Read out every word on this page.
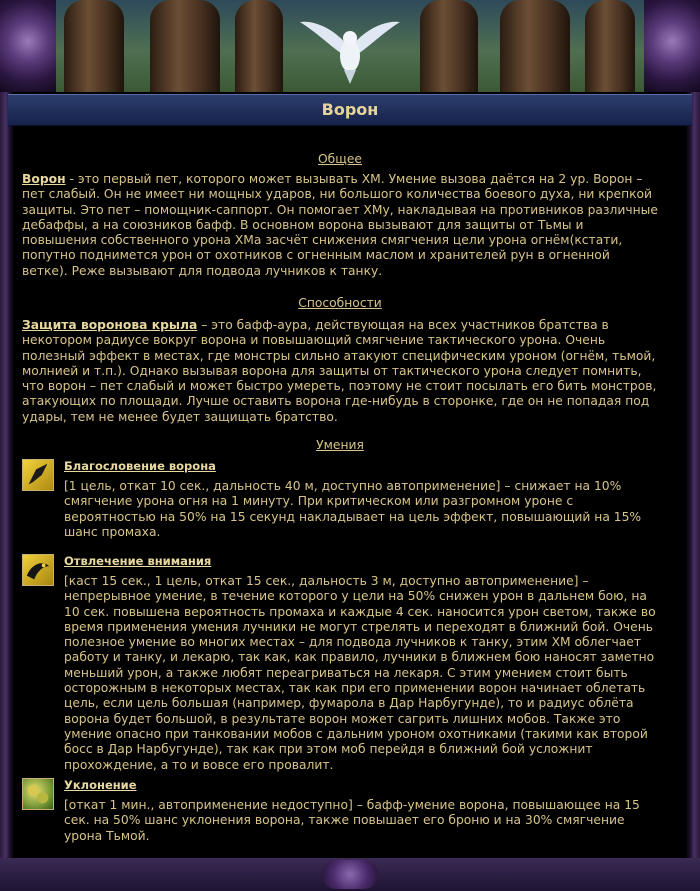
Ворон
Общее

Ворон - это первый пет, которого может вызывать ХМ. Умение вызова даётся на 2 ур. Ворон – пет слабый. Он не имеет ни мощных ударов, ни большого количества боевого духа, ни крепкой защиты. Это пет – помощник-саппорт. Он помогает ХМу, накладывая на противников различные дебаффы, а на союзников бафф. В основном ворона вызывают для защиты от Тьмы и повышения собственного урона ХМа засчёт снижения смягчения цели урона огнём(кстати, попутно поднимется урон от охотников с огненным маслом и хранителей рун в огненной ветке). Реже вызывают для подвода лучников к танку.

Способности

Защита воронова крыла – это бафф-аура, действующая на всех участников братства в некотором радиусе вокруг ворона и повышающий смягчение тактического урона. Очень полезный эффект в местах, где монстры сильно атакуют специфическим уроном (огнём, тьмой, молнией и т.п.). Однако вызывая ворона для защиты от тактического урона следует помнить, что ворон – пет слабый и может быстро умереть, поэтому не стоит посылать его бить монстров, атакующих по площади. Лучше оставить ворона где-нибудь в сторонке, где он не попадая под удары, тем не менее будет защищать братство.

Умения
Благословение ворона
[1 цель, откат 10 сек., дальность 40 м, доступно автоприменение] – снижает на 10% смягчение урона огня на 1 минуту. При критическом или разгромном уроне с вероятностью на 50% на 15 секунд накладывает на цель эффект, повышающий на 15% шанс промаха.
Отвлечение внимания
[каст 15 сек., 1 цель, откат 15 сек., дальность 3 м, доступно автоприменение] – непрерывное умение, в течение которого у цели на 50% снижен урон в дальнем бою, на 10 сек. повышена вероятность промаха и каждые 4 сек. наносится урон светом, также во время применения умения лучники не могут стрелять и переходят в ближний бой. Очень полезное умение во многих местах – для подвода лучников к танку, этим ХМ облегчает работу и танку, и лекарю, так как, как правило, лучники в ближнем бою наносят заметно меньший урон, а также любят переагриваться на лекаря. С этим умением стоит быть осторожным в некоторых местах, так как при его применении ворон начинает облетать цель, если цель большая (например, фумарола в Дар Нарбугунде), то и радиус облёта ворона будет большой, в результате ворон может сагрить лишних мобов. Также это умение опасно при танковании мобов с дальним уроном охотниками (такими как второй босс в Дар Нарбугунде), так как при этом моб перейдя в ближний бой усложнит прохождение, а то и вовсе его провалит.
Уклонение
[откат 1 мин., автоприменение недоступно] – бафф-умение ворона, повышающее на 15 сек. на 50% шанс уклонения ворона, также повышает его броню и на 30% смягчение урона Тьмой.
